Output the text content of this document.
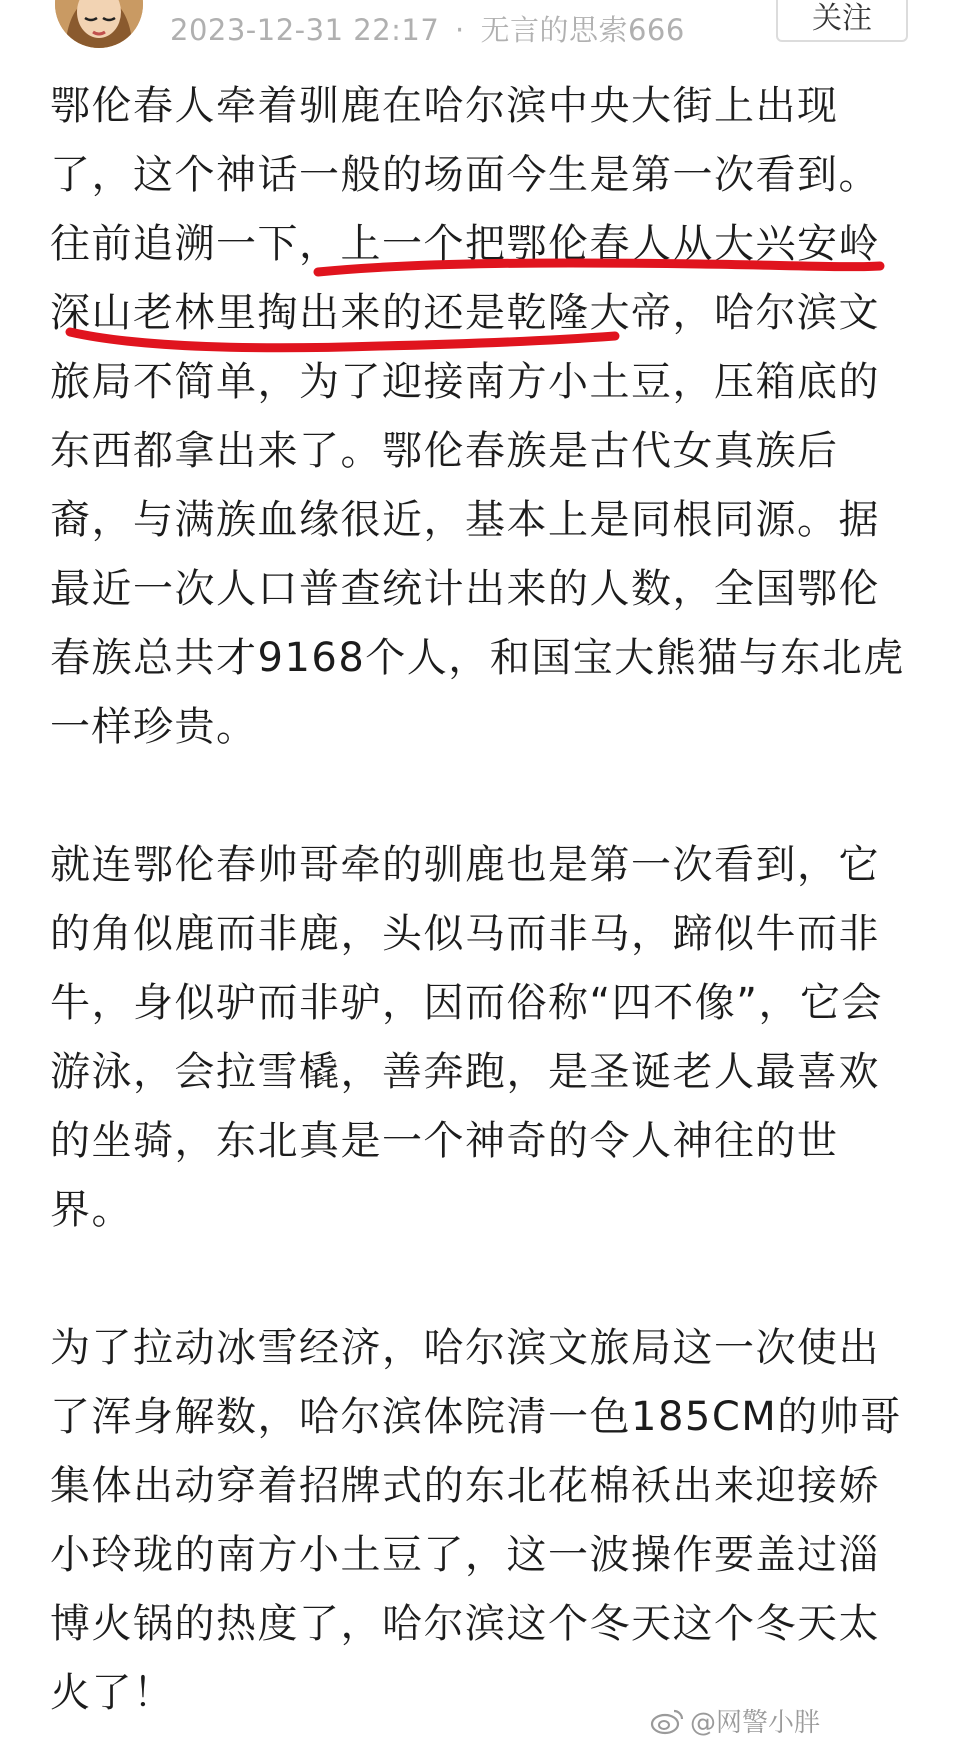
2023-12-31 22:17 · 无言的思索666	关注

鄂伦春人牵着驯鹿在哈尔滨中央大街上出现了，这个神话一般的场面今生是第一次看到。往前追溯一下，上一个把鄂伦春人从大兴安岭深山老林里掏出来的还是乾隆大帝，哈尔滨文旅局不简单，为了迎接南方小土豆，压箱底的东西都拿出来了。鄂伦春族是古代女真族后裔，与满族血缘很近，基本上是同根同源。据最近一次人口普查统计出来的人数，全国鄂伦春族总共才9168个人，和国宝大熊猫与东北虎一样珍贵。

就连鄂伦春帅哥牵的驯鹿也是第一次看到，它的角似鹿而非鹿，头似马而非马，蹄似牛而非牛，身似驴而非驴，因而俗称“四不像”，它会游泳，会拉雪橇，善奔跑，是圣诞老人最喜欢的坐骑，东北真是一个神奇的令人神往的世界。

为了拉动冰雪经济，哈尔滨文旅局这一次使出了浑身解数，哈尔滨体院清一色185CM的帅哥集体出动穿着招牌式的东北花棉袄出来迎接娇小玲珑的南方小土豆了，这一波操作要盖过淄博火锅的热度了，哈尔滨这个冬天这个冬天太火了！

@网警小胖
